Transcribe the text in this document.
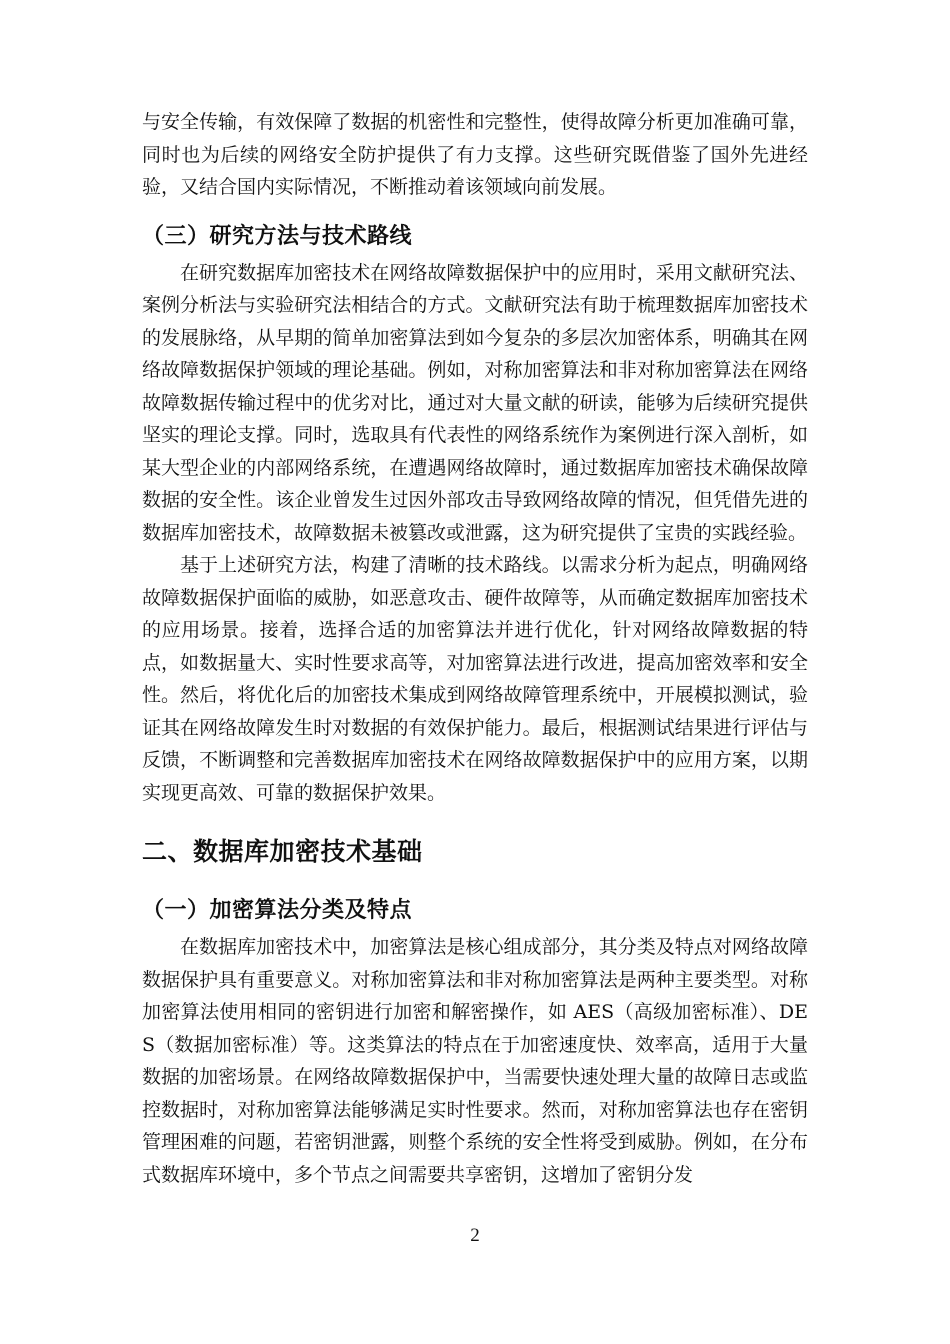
与安全传输，有效保障了数据的机密性和完整性，使得故障分析更加准确可靠，同时也为后续的网络安全防护提供了有力支撑。这些研究既借鉴了国外先进经验，又结合国内实际情况，不断推动着该领域向前发展。

（三）研究方法与技术路线

在研究数据库加密技术在网络故障数据保护中的应用时，采用文献研究法、案例分析法与实验研究法相结合的方式。文献研究法有助于梳理数据库加密技术的发展脉络，从早期的简单加密算法到如今复杂的多层次加密体系，明确其在网络故障数据保护领域的理论基础。例如，对称加密算法和非对称加密算法在网络故障数据传输过程中的优劣对比，通过对大量文献的研读，能够为后续研究提供坚实的理论支撑。同时，选取具有代表性的网络系统作为案例进行深入剖析，如某大型企业的内部网络系统，在遭遇网络故障时，通过数据库加密技术确保故障数据的安全性。该企业曾发生过因外部攻击导致网络故障的情况，但凭借先进的数据库加密技术，故障数据未被篡改或泄露，这为研究提供了宝贵的实践经验。

基于上述研究方法，构建了清晰的技术路线。以需求分析为起点，明确网络故障数据保护面临的威胁，如恶意攻击、硬件故障等，从而确定数据库加密技术的应用场景。接着，选择合适的加密算法并进行优化，针对网络故障数据的特点，如数据量大、实时性要求高等，对加密算法进行改进，提高加密效率和安全性。然后，将优化后的加密技术集成到网络故障管理系统中，开展模拟测试，验证其在网络故障发生时对数据的有效保护能力。最后，根据测试结果进行评估与反馈，不断调整和完善数据库加密技术在网络故障数据保护中的应用方案，以期实现更高效、可靠的数据保护效果。

二、数据库加密技术基础
（一）加密算法分类及特点

在数据库加密技术中，加密算法是核心组成部分，其分类及特点对网络故障数据保护具有重要意义。对称加密算法和非对称加密算法是两种主要类型。对称加密算法使用相同的密钥进行加密和解密操作，如 AES（高级加密标准）、DES（数据加密标准）等。这类算法的特点在于加密速度快、效率高，适用于大量数据的加密场景。在网络故障数据保护中，当需要快速处理大量的故障日志或监控数据时，对称加密算法能够满足实时性要求。然而，对称加密算法也存在密钥管理困难的问题，若密钥泄露，则整个系统的安全性将受到威胁。例如，在分布式数据库环境中，多个节点之间需要共享密钥，这增加了密钥分发

2
